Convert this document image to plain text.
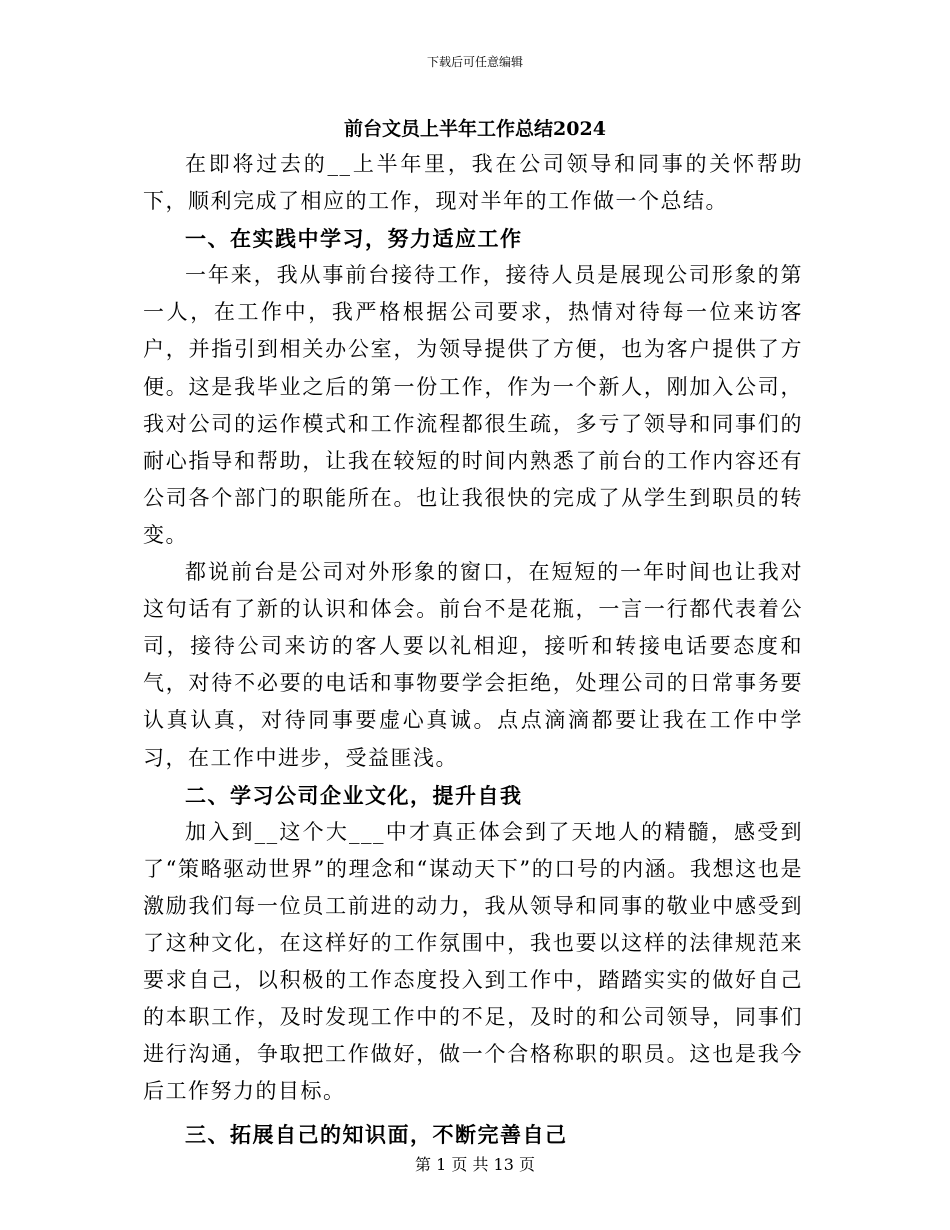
下载后可任意编辑
前台文员上半年工作总结2024

在即将过去的__上半年里，我在公司领导和同事的关怀帮助下，顺利完成了相应的工作，现对半年的工作做一个总结。

一、在实践中学习，努力适应工作

一年来，我从事前台接待工作，接待人员是展现公司形象的第一人，在工作中，我严格根据公司要求，热情对待每一位来访客户，并指引到相关办公室，为领导提供了方便，也为客户提供了方便。这是我毕业之后的第一份工作，作为一个新人，刚加入公司，我对公司的运作模式和工作流程都很生疏，多亏了领导和同事们的耐心指导和帮助，让我在较短的时间内熟悉了前台的工作内容还有公司各个部门的职能所在。也让我很快的完成了从学生到职员的转变。

都说前台是公司对外形象的窗口，在短短的一年时间也让我对这句话有了新的认识和体会。前台不是花瓶，一言一行都代表着公司，接待公司来访的客人要以礼相迎，接听和转接电话要态度和气，对待不必要的电话和事物要学会拒绝，处理公司的日常事务要认真认真，对待同事要虚心真诚。点点滴滴都要让我在工作中学习，在工作中进步，受益匪浅。

二、学习公司企业文化，提升自我

加入到__这个大___中才真正体会到了天地人的精髓，感受到了“策略驱动世界”的理念和“谋动天下”的口号的内涵。我想这也是激励我们每一位员工前进的动力，我从领导和同事的敬业中感受到了这种文化，在这样好的工作氛围中，我也要以这样的法律规范来要求自己，以积极的工作态度投入到工作中，踏踏实实的做好自己的本职工作，及时发现工作中的不足，及时的和公司领导，同事们进行沟通，争取把工作做好，做一个合格称职的职员。这也是我今后工作努力的目标。

三、拓展自己的知识面，不断完善自己
第 1 页 共 13 页
